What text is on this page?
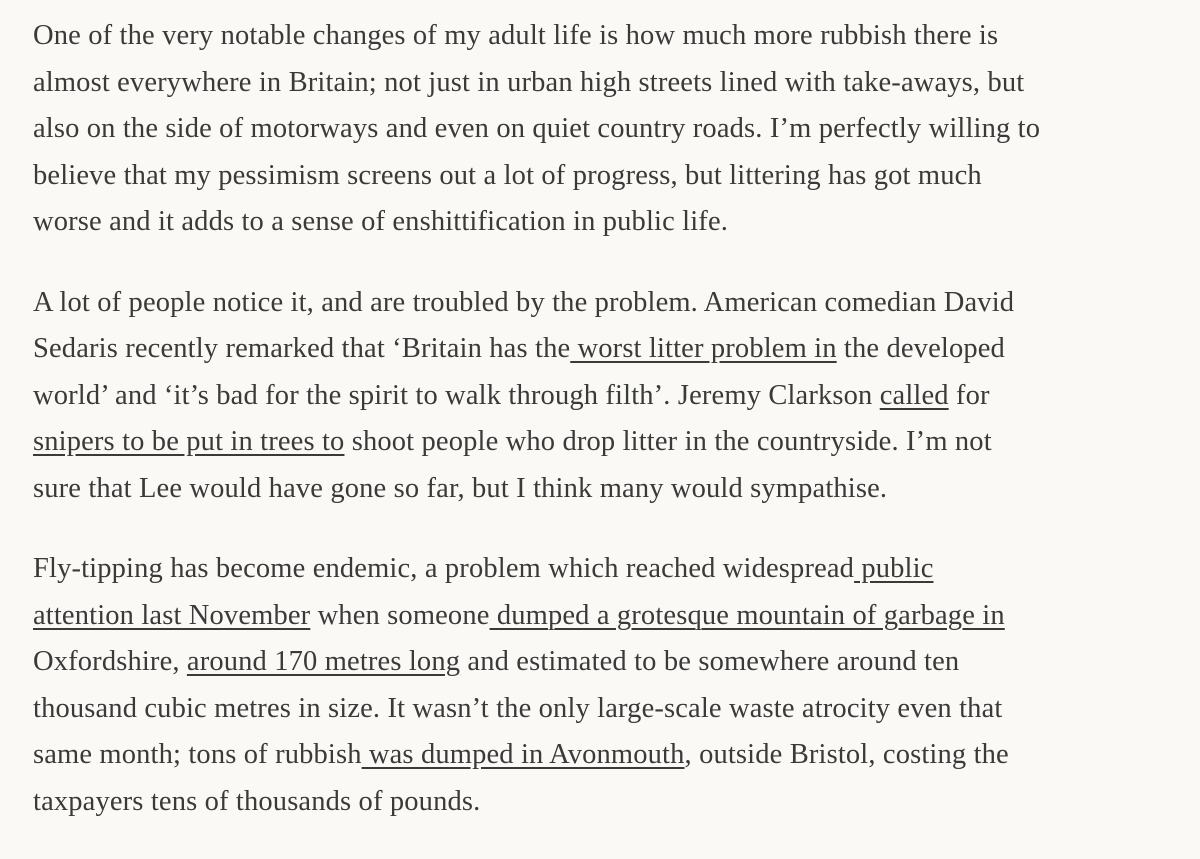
One of the very notable changes of my adult life is how much more rubbish there is
almost everywhere in Britain; not just in urban high streets lined with take-aways, but
also on the side of motorways and even on quiet country roads. I’m perfectly willing to
believe that my pessimism screens out a lot of progress, but littering has got much
worse and it adds to a sense of enshittification in public life.

A lot of people notice it, and are troubled by the problem. American comedian David
Sedaris recently remarked that ‘Britain has the worst litter problem in the developed
world’ and ‘it’s bad for the spirit to walk through filth’. Jeremy Clarkson called for
snipers to be put in trees to shoot people who drop litter in the countryside. I’m not
sure that Lee would have gone so far, but I think many would sympathise.

Fly-tipping has become endemic, a problem which reached widespread public
attention last November when someone dumped a grotesque mountain of garbage in
Oxfordshire, around 170 metres long and estimated to be somewhere around ten
thousand cubic metres in size. It wasn’t the only large-scale waste atrocity even that
same month; tons of rubbish was dumped in Avonmouth, outside Bristol, costing the
taxpayers tens of thousands of pounds.
